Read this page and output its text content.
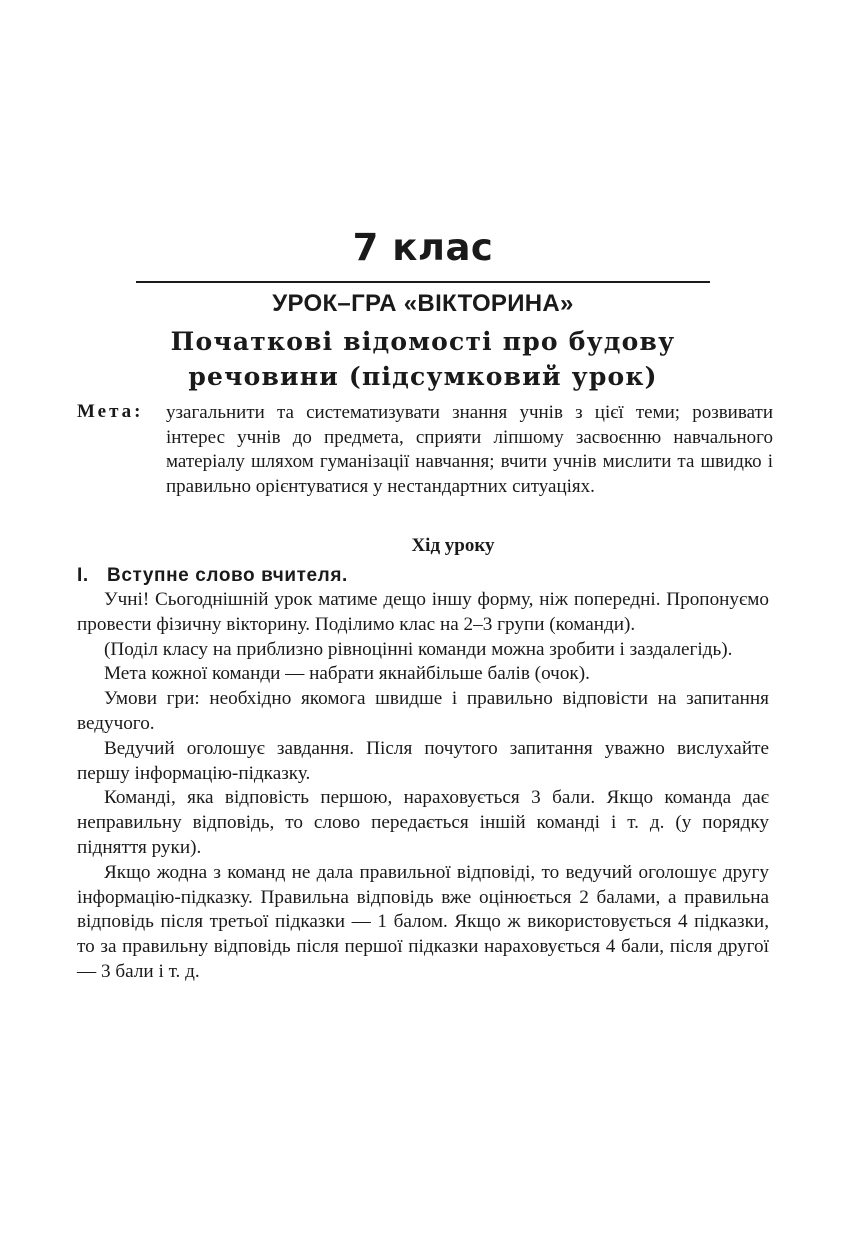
7 клас
УРОК–ГРА «ВІКТОРИНА»
Початкові відомості про будову
речовини (підсумковий урок)
Мета: узагальнити та систематизувати знання учнів з цієї теми; розвивати інтерес учнів до предмета, сприяти ліпшому засвоєнню навчального матеріалу шляхом гуманізації навчання; вчити учнів мислити та швидко і правильно орієнтуватися у нестандартних ситуаціях.

Хід уроку
I. Вступне слово вчителя.

Учні! Сьогоднішній урок матиме дещо іншу форму, ніж попередні. Пропонуємо провести фізичну вікторину. Поділимо клас на 2–3 групи (команди).

(Поділ класу на приблизно рівноцінні команди можна зробити і заздалегідь).

Мета кожної команди — набрати якнайбільше балів (очок).

Умови гри: необхідно якомога швидше і правильно відповісти на запитання ведучого.

Ведучий оголошує завдання. Після почутого запитання уважно вислухайте першу інформацію-підказку.

Команді, яка відповість першою, нараховується 3 бали. Якщо команда дає неправильну відповідь, то слово передається іншій команді і т. д. (у порядку підняття руки).

Якщо жодна з команд не дала правильної відповіді, то ведучий оголошує другу інформацію-підказку. Правильна відповідь вже оцінюється 2 балами, а правильна відповідь після третьої підказки — 1 балом. Якщо ж використовується 4 підказки, то за правильну відповідь після першої підказки нараховується 4 бали, після другої — 3 бали і т. д.
